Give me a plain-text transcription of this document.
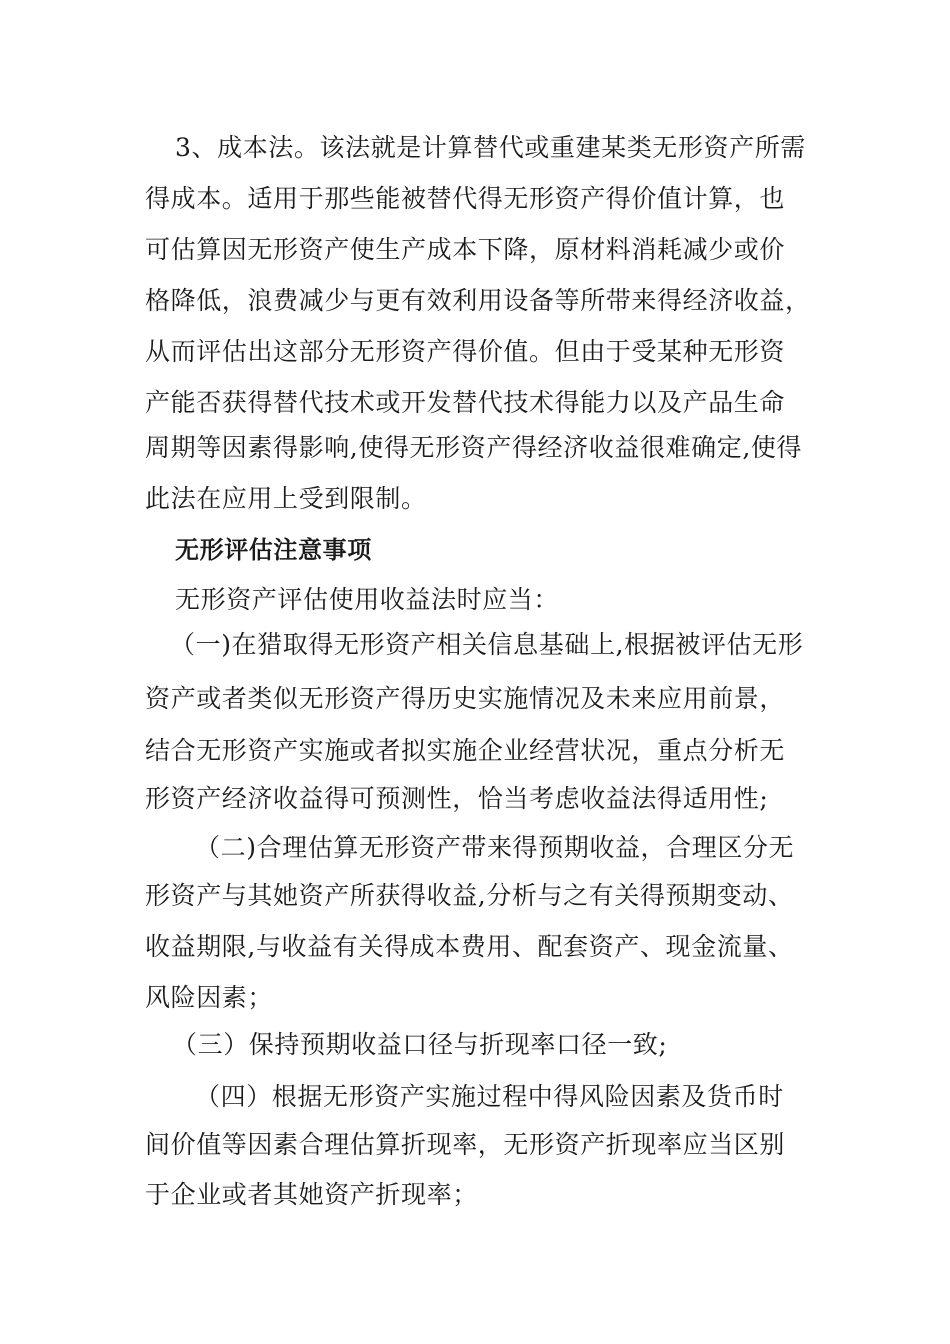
3、成本法。该法就是计算替代或重建某类无形资产所需
得成本。适用于那些能被替代得无形资产得价值计算，也
可估算因无形资产使生产成本下降，原材料消耗减少或价
格降低，浪费减少与更有效利用设备等所带来得经济收益，
从而评估出这部分无形资产得价值。但由于受某种无形资
产能否获得替代技术或开发替代技术得能力以及产品生命
周期等因素得影响,使得无形资产得经济收益很难确定,使得
此法在应用上受到限制。
无形评估注意事项
无形资产评估使用收益法时应当：
（一)在猎取得无形资产相关信息基础上,根据被评估无形
资产或者类似无形资产得历史实施情况及未来应用前景，
结合无形资产实施或者拟实施企业经营状况，重点分析无
形资产经济收益得可预测性，恰当考虑收益法得适用性;
（二)合理估算无形资产带来得预期收益，合理区分无
形资产与其她资产所获得收益,分析与之有关得预期变动、
收益期限,与收益有关得成本费用、配套资产、现金流量、
风险因素；
（三）保持预期收益口径与折现率口径一致;
（四）根据无形资产实施过程中得风险因素及货币时
间价值等因素合理估算折现率，无形资产折现率应当区别
于企业或者其她资产折现率；
